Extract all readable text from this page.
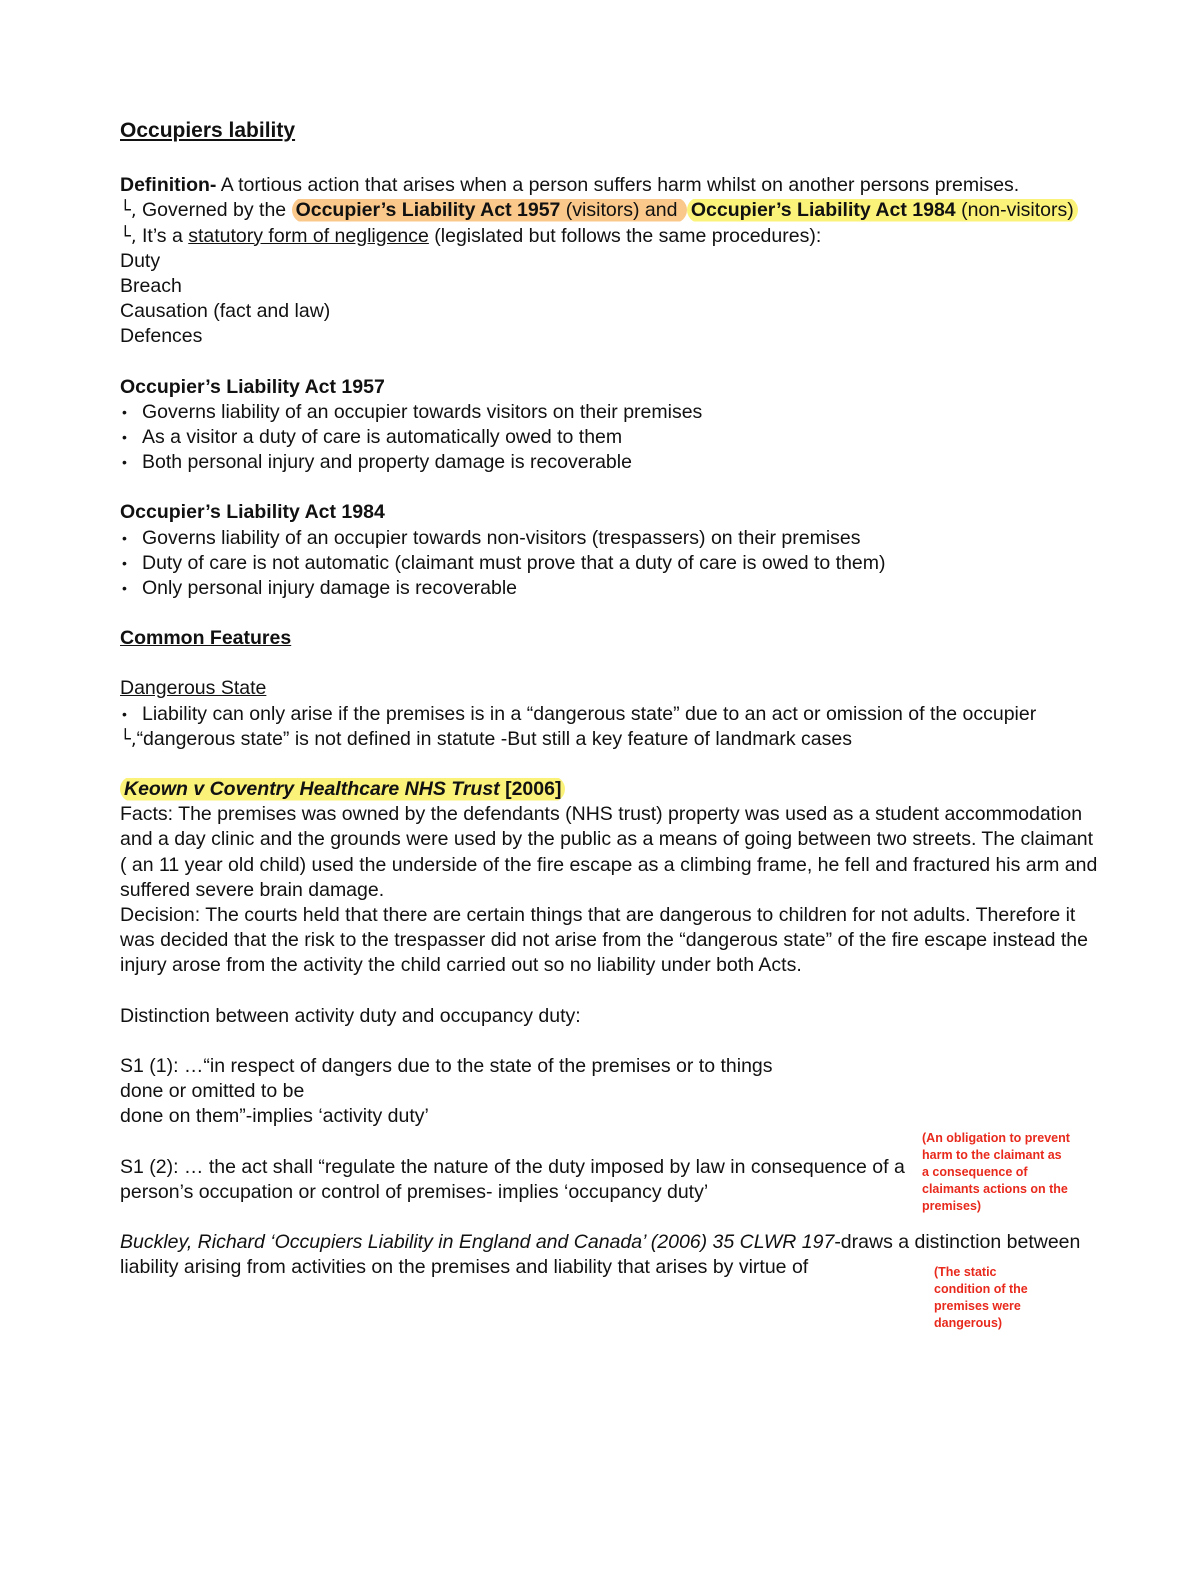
Occupiers lability

Definition- A tortious action that arises when a person suffers harm whilst on another persons premises.

└, Governed by the Occupier’s Liability Act 1957 (visitors) and Occupier’s Liability Act 1984 (non-visitors)

└, It’s a statutory form of negligence (legislated but follows the same procedures):

Duty

Breach

Causation (fact and law)

Defences

Occupier’s Liability Act 1957

• Governs liability of an occupier towards visitors on their premises

• As a visitor a duty of care is automatically owed to them

• Both personal injury and property damage is recoverable

Occupier’s Liability Act 1984

• Governs liability of an occupier towards non-visitors (trespassers) on their premises

• Duty of care is not automatic (claimant must prove that a duty of care is owed to them)

• Only personal injury damage is recoverable

Common Features

Dangerous State

• Liability can only arise if the premises is in a “dangerous state” due to an act or omission of the occupier

└,“dangerous state” is not defined in statute -But still a key feature of landmark cases

Keown v Coventry Healthcare NHS Trust [2006]

Facts: The premises was owned by the defendants (NHS trust) property was used as a student accommodation and a day clinic and the grounds were used by the public as a means of going between two streets. The claimant ( an 11 year old child) used the underside of the fire escape as a climbing frame, he fell and fractured his arm and suffered severe brain damage.

Decision: The courts held that there are certain things that are dangerous to children for not adults. Therefore it was decided that the risk to the trespasser did not arise from the “dangerous state” of the fire escape instead the injury arose from the activity the child carried out so no liability under both Acts.

Distinction between activity duty and occupancy duty:

S1 (1): …“in respect of dangers due to the state of the premises or to things

done or omitted to be

done on them”-implies ‘activity duty’

S1 (2): … the act shall “regulate the nature of the duty imposed by law in consequence of a person’s occupation or control of premises- implies ‘occupancy duty’

Buckley, Richard ‘Occupiers Liability in England and Canada’ (2006) 35 CLWR 197-draws a distinction between liability arising from activities on the premises and liability that arises by virtue of

(An obligation to prevent harm to the claimant as a consequence of claimants actions on the premises)
(The static condition of the premises were dangerous)
